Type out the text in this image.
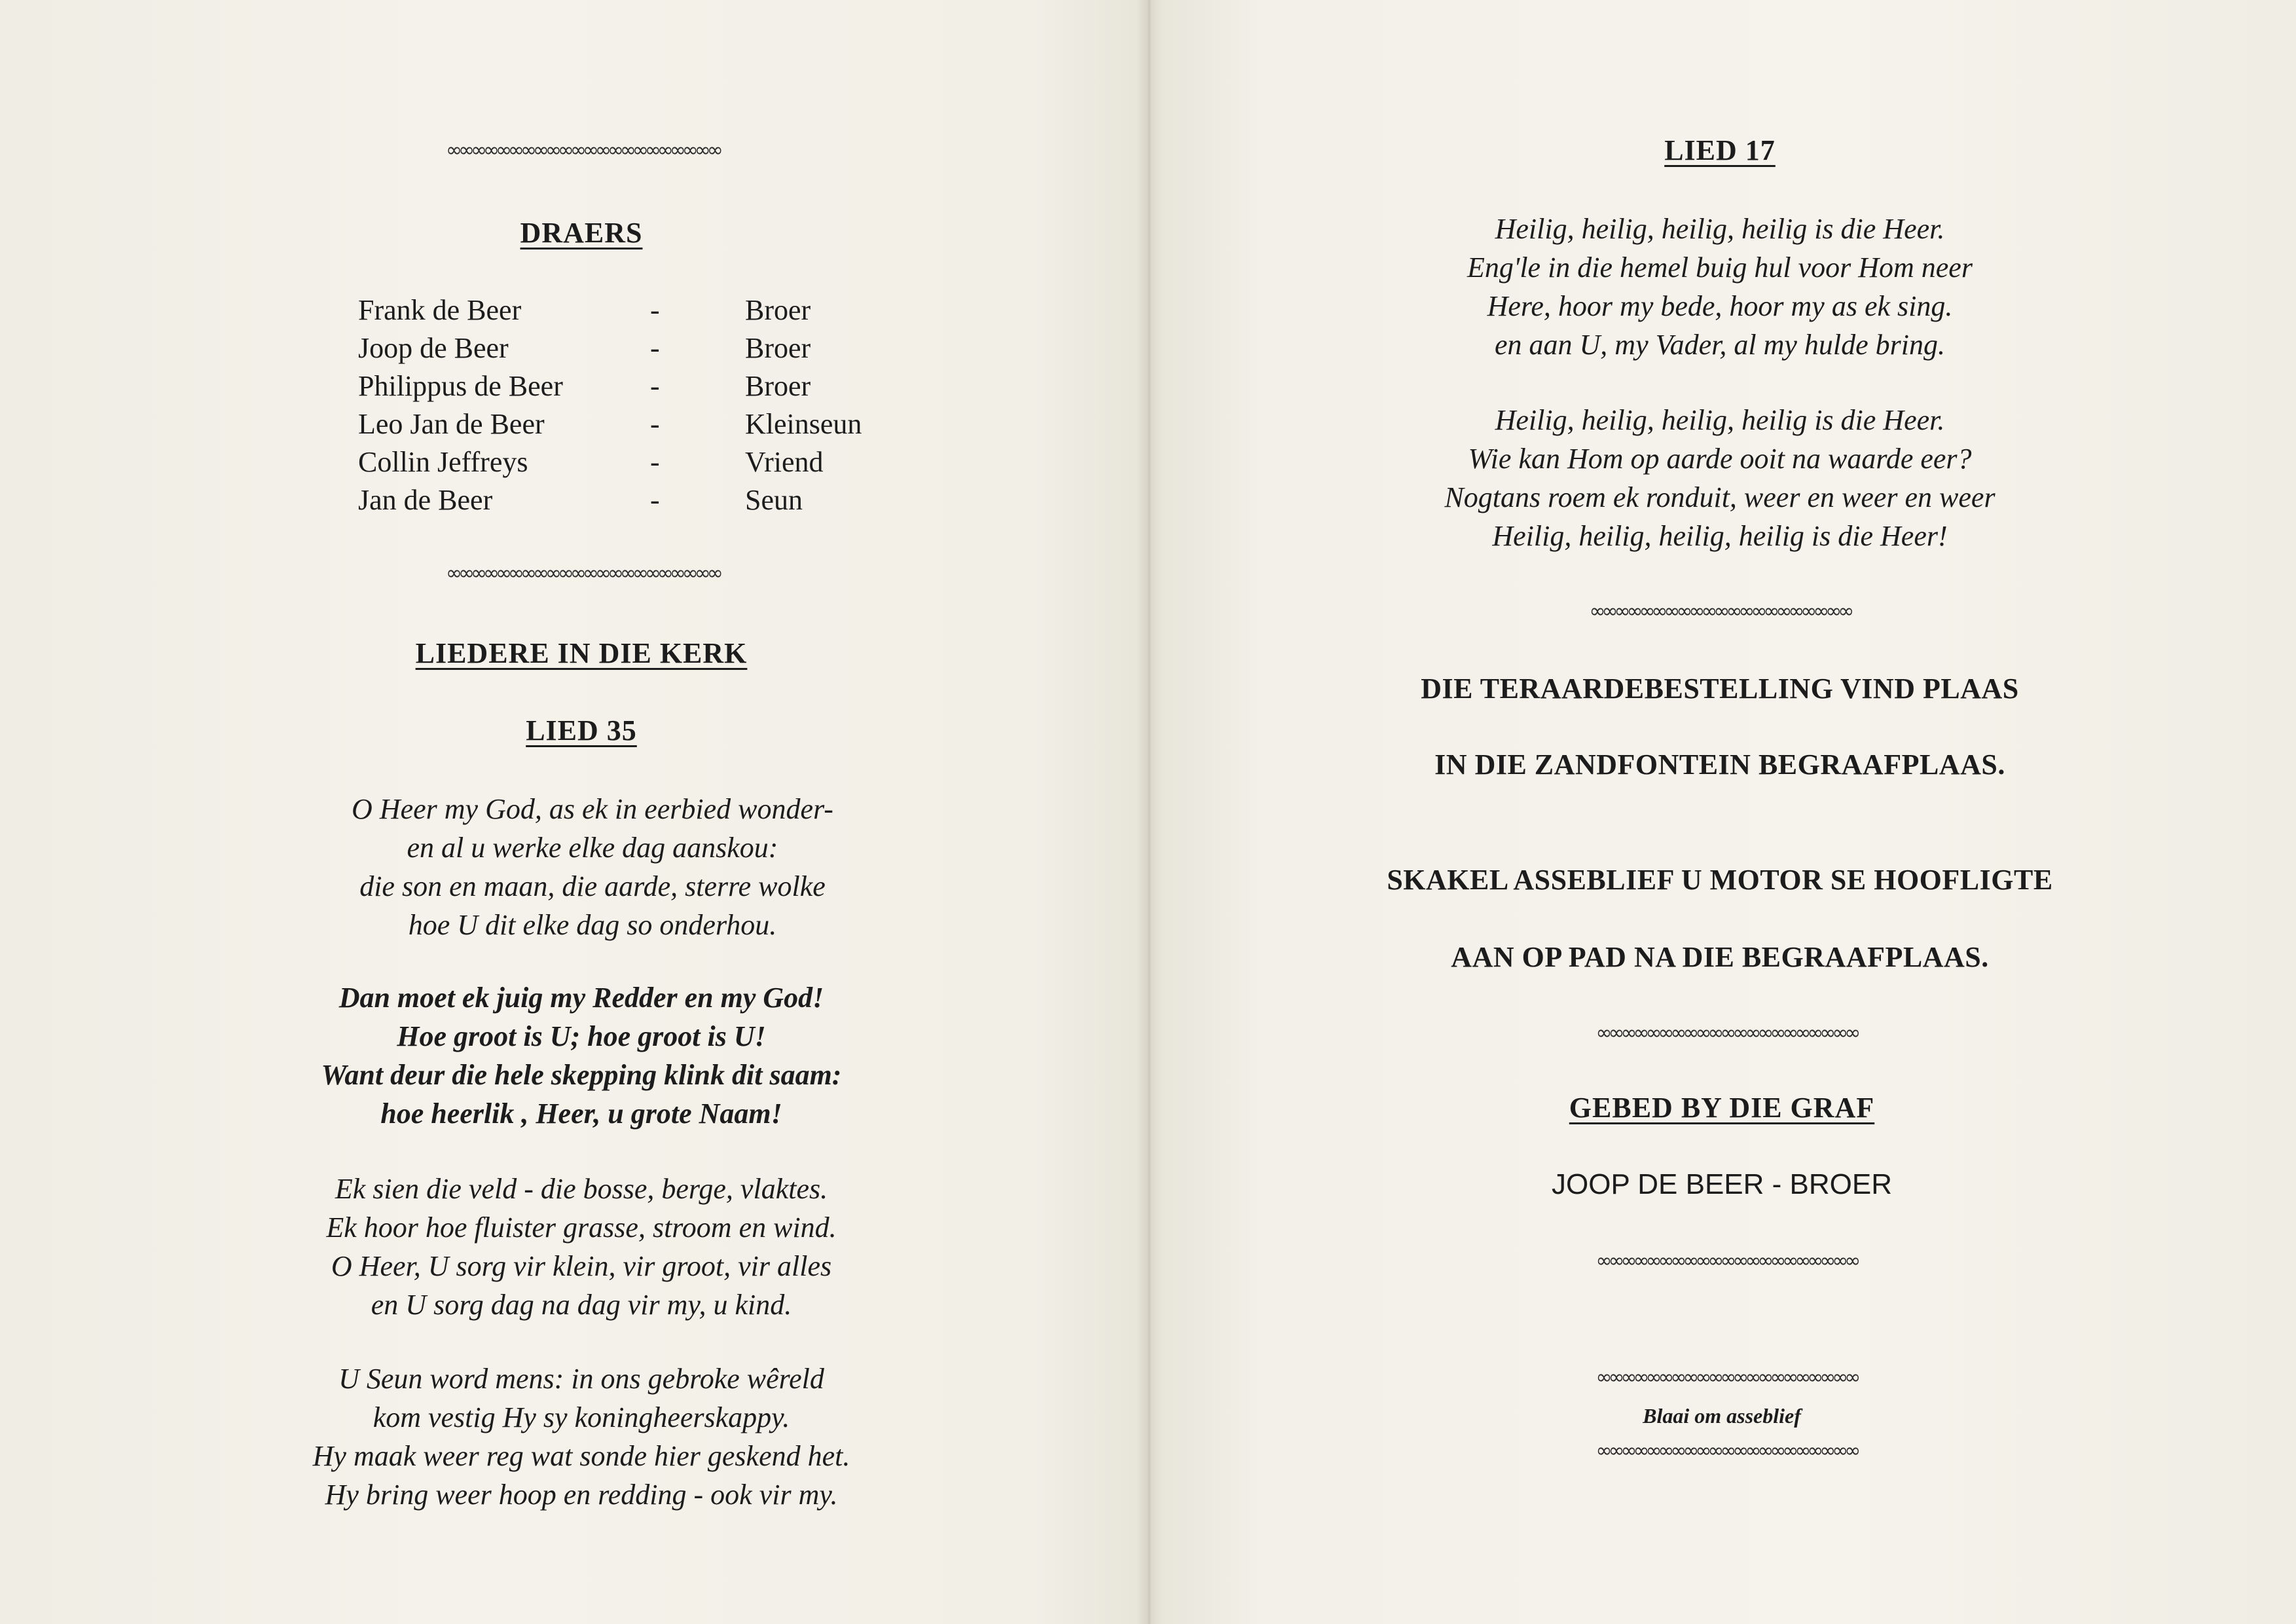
∞∞∞∞∞∞∞∞∞∞∞∞∞∞∞∞∞∞∞∞∞∞
DRAERS
Frank de Beer	-	Broer
Joop de Beer	-	Broer
Philippus de Beer	-	Broer
Leo Jan de Beer	-	Kleinseun
Collin Jeffreys	-	Vriend
Jan de Beer	-	Seun
∞∞∞∞∞∞∞∞∞∞∞∞∞∞∞∞∞∞∞∞∞∞
LIEDERE IN DIE KERK
LIED 35
O Heer my God, as ek in eerbied wonder-
en al u werke elke dag aanskou:
die son en maan, die aarde, sterre wolke
hoe U dit elke dag so onderhou.
Dan moet ek juig my Redder en my God!
Hoe groot is U; hoe groot is U!
Want deur die hele skepping klink dit saam:
hoe heerlik , Heer, u grote Naam!
Ek sien die veld - die bosse, berge, vlaktes.
Ek hoor hoe fluister grasse, stroom en wind.
O Heer, U sorg vir klein, vir groot, vir alles
en U sorg dag na dag vir my, u kind.
U Seun word mens: in ons gebroke wêreld
kom vestig Hy sy koningheerskappy.
Hy maak weer reg wat sonde hier geskend het.
Hy bring weer hoop en redding - ook vir my.
LIED 17
Heilig, heilig, heilig, heilig is die Heer.
Eng'le in die hemel buig hul voor Hom neer
Here, hoor my bede, hoor my as ek sing.
en aan U, my Vader, al my hulde bring.
Heilig, heilig, heilig, heilig is die Heer.
Wie kan Hom op aarde ooit na waarde eer?
Nogtans roem ek ronduit, weer en weer en weer
Heilig, heilig, heilig, heilig is die Heer!
∞∞∞∞∞∞∞∞∞∞∞∞∞∞∞∞∞∞∞∞∞
DIE TERAARDEBESTELLING VIND PLAAS
IN DIE ZANDFONTEIN BEGRAAFPLAAS.
SKAKEL ASSEBLIEF U MOTOR SE HOOFLIGTE
AAN OP PAD NA DIE BEGRAAFPLAAS.
∞∞∞∞∞∞∞∞∞∞∞∞∞∞∞∞∞∞∞∞∞
GEBED BY DIE GRAF
JOOP DE BEER - BROER
∞∞∞∞∞∞∞∞∞∞∞∞∞∞∞∞∞∞∞∞∞
∞∞∞∞∞∞∞∞∞∞∞∞∞∞∞∞∞∞∞∞∞
Blaai om asseblief
∞∞∞∞∞∞∞∞∞∞∞∞∞∞∞∞∞∞∞∞∞
